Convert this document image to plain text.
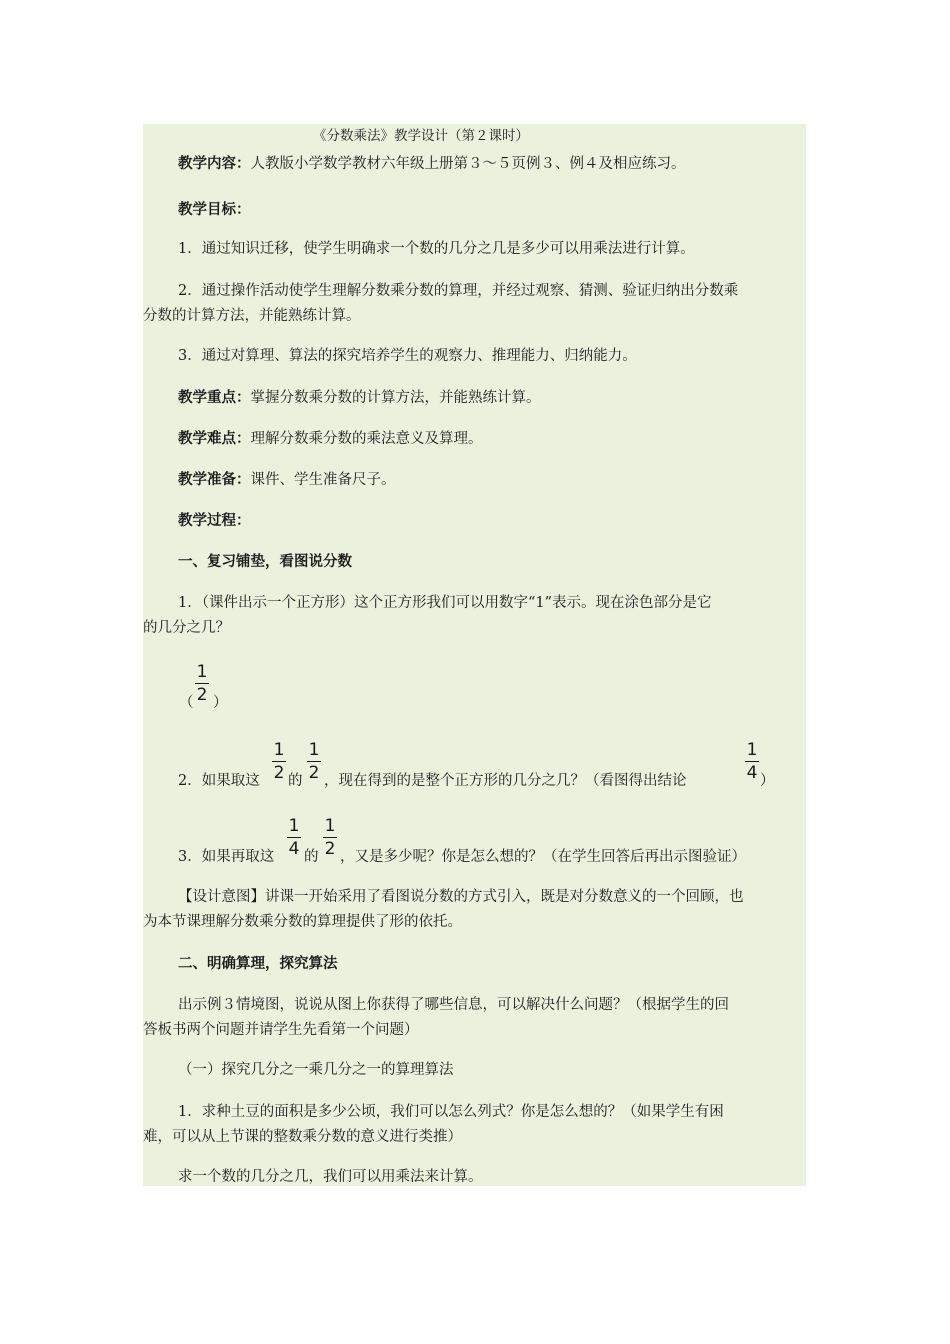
《分数乘法》教学设计（第２课时）
教学内容：人教版小学数学教材六年级上册第３～５页例３、例４及相应练习。
教学目标：
1．通过知识迁移，使学生明确求一个数的几分之几是多少可以用乘法进行计算。
2．通过操作活动使学生理解分数乘分数的算理，并经过观察、猜测、验证归纳出分数乘
分数的计算方法，并能熟练计算。
3．通过对算理、算法的探究培养学生的观察力、推理能力、归纳能力。
教学重点：掌握分数乘分数的计算方法，并能熟练计算。
教学难点：理解分数乘分数的乘法意义及算理。
教学准备：课件、学生准备尺子。
教学过程：
一、复习铺垫，看图说分数
1．（课件出示一个正方形）这个正方形我们可以用数字“1”表示。现在涂色部分是它
的几分之几？
1
2
（ ）
2．如果取这
1
2 的
1
2 ，现在得到的是整个正方形的几分之几？（看图得出结论
1
4 ）
3．如果再取这
1
4 的
1
2 ，又是多少呢？你是怎么想的？（在学生回答后再出示图验证）
【设计意图】讲课一开始采用了看图说分数的方式引入，既是对分数意义的一个回顾，也
为本节课理解分数乘分数的算理提供了形的依托。
二、明确算理，探究算法
出示例３情境图，说说从图上你获得了哪些信息，可以解决什么问题？（根据学生的回
答板书两个问题并请学生先看第一个问题）
（一）探究几分之一乘几分之一的算理算法
1．求种土豆的面积是多少公顷，我们可以怎么列式？你是怎么想的？（如果学生有困
难，可以从上节课的整数乘分数的意义进行类推）
求一个数的几分之几，我们可以用乘法来计算。
